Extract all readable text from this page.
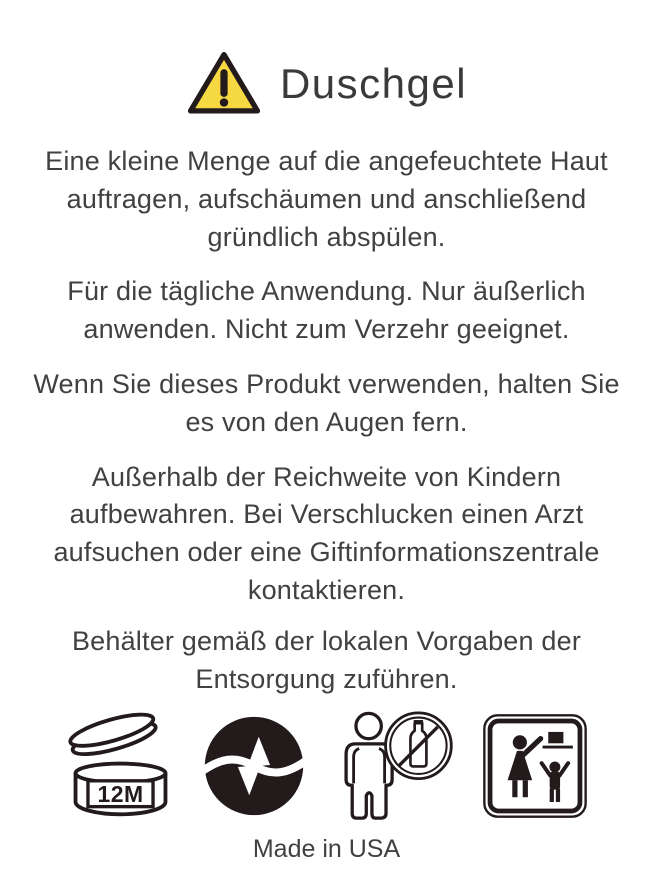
Duschgel

Eine kleine Menge auf die angefeuchtete Haut auftragen, aufschäumen und anschließend gründlich abspülen.

Für die tägliche Anwendung. Nur äußerlich anwenden. Nicht zum Verzehr geeignet.

Wenn Sie dieses Produkt verwenden, halten Sie es von den Augen fern.

Außerhalb der Reichweite von Kindern aufbewahren. Bei Verschlucken einen Arzt aufsuchen oder eine Giftinformationszentrale kontaktieren.

Behälter gemäß der lokalen Vorgaben der Entsorgung zuführen.

12M
Made in USA
